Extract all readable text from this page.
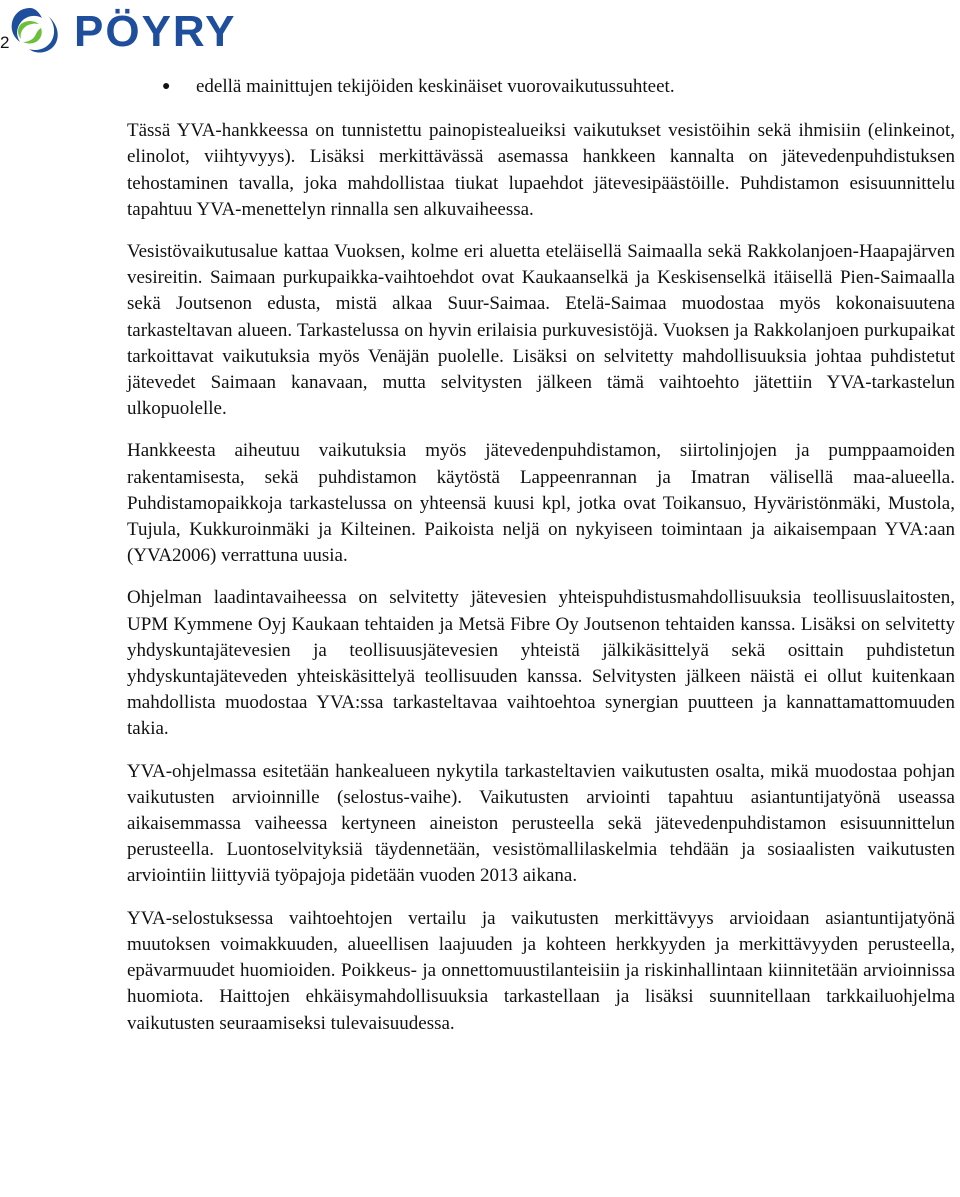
2 PÖYRY
●	edellä mainittujen tekijöiden keskinäiset vuorovaikutussuhteet.

Tässä YVA-hankkeessa on tunnistettu painopistealueiksi vaikutukset vesistöihin sekä ihmisiin (elinkeinot, elinolot, viihtyvyys). Lisäksi merkittävässä asemassa hankkeen kannalta on jätevedenpuhdistuksen tehostaminen tavalla, joka mahdollistaa tiukat lupaehdot jätevesipäästöille. Puhdistamon esisuunnittelu tapahtuu YVA-menettelyn rinnalla sen alkuvaiheessa.

Vesistövaikutusalue kattaa Vuoksen, kolme eri aluetta eteläisellä Saimaalla sekä Rakkolanjoen-Haapajärven vesireitin. Saimaan purkupaikka-vaihtoehdot ovat Kaukaanselkä ja Keskisenselkä itäisellä Pien-Saimaalla sekä Joutsenon edusta, mistä alkaa Suur-Saimaa. Etelä-Saimaa muodostaa myös kokonaisuutena tarkasteltavan alueen. Tarkastelussa on hyvin erilaisia purkuvesistöjä. Vuoksen ja Rakkolanjoen purkupaikat tarkoittavat vaikutuksia myös Venäjän puolelle. Lisäksi on selvitetty mahdollisuuksia johtaa puhdistetut jätevedet Saimaan kanavaan, mutta selvitysten jälkeen tämä vaihtoehto jätettiin YVA-tarkastelun ulkopuolelle.

Hankkeesta aiheutuu vaikutuksia myös jätevedenpuhdistamon, siirtolinjojen ja pumppaamoiden rakentamisesta, sekä puhdistamon käytöstä Lappeenrannan ja Imatran välisellä maa-alueella. Puhdistamopaikkoja tarkastelussa on yhteensä kuusi kpl, jotka ovat Toikansuo, Hyväristönmäki, Mustola, Tujula, Kukkuroinmäki ja Kilteinen. Paikoista neljä on nykyiseen toimintaan ja aikaisempaan YVA:aan (YVA2006) verrattuna uusia.

Ohjelman laadintavaiheessa on selvitetty jätevesien yhteispuhdistusmahdollisuuksia teollisuuslaitosten, UPM Kymmene Oyj Kaukaan tehtaiden ja Metsä Fibre Oy Joutsenon tehtaiden kanssa. Lisäksi on selvitetty yhdyskuntajätevesien ja teollisuusjätevesien yhteistä jälkikäsittelyä sekä osittain puhdistetun yhdyskuntajäteveden yhteiskäsittelyä teollisuuden kanssa. Selvitysten jälkeen näistä ei ollut kuitenkaan mahdollista muodostaa YVA:ssa tarkasteltavaa vaihtoehtoa synergian puutteen ja kannattamattomuuden takia.

YVA-ohjelmassa esitetään hankealueen nykytila tarkasteltavien vaikutusten osalta, mikä muodostaa pohjan vaikutusten arvioinnille (selostus-vaihe). Vaikutusten arviointi tapahtuu asiantuntijatyönä useassa aikaisemmassa vaiheessa kertyneen aineiston perusteella sekä jätevedenpuhdistamon esisuunnittelun perusteella. Luontoselvityksiä täydennetään, vesistömallilaskelmia tehdään ja sosiaalisten vaikutusten arviointiin liittyviä työpajoja pidetään vuoden 2013 aikana.

YVA-selostuksessa vaihtoehtojen vertailu ja vaikutusten merkittävyys arvioidaan asiantuntijatyönä muutoksen voimakkuuden, alueellisen laajuuden ja kohteen herkkyyden ja merkittävyyden perusteella, epävarmuudet huomioiden. Poikkeus- ja onnettomuustilanteisiin ja riskinhallintaan kiinnitetään arvioinnissa huomiota. Haittojen ehkäisymahdollisuuksia tarkastellaan ja lisäksi suunnitellaan tarkkailuohjelma vaikutusten seuraamiseksi tulevaisuudessa.
